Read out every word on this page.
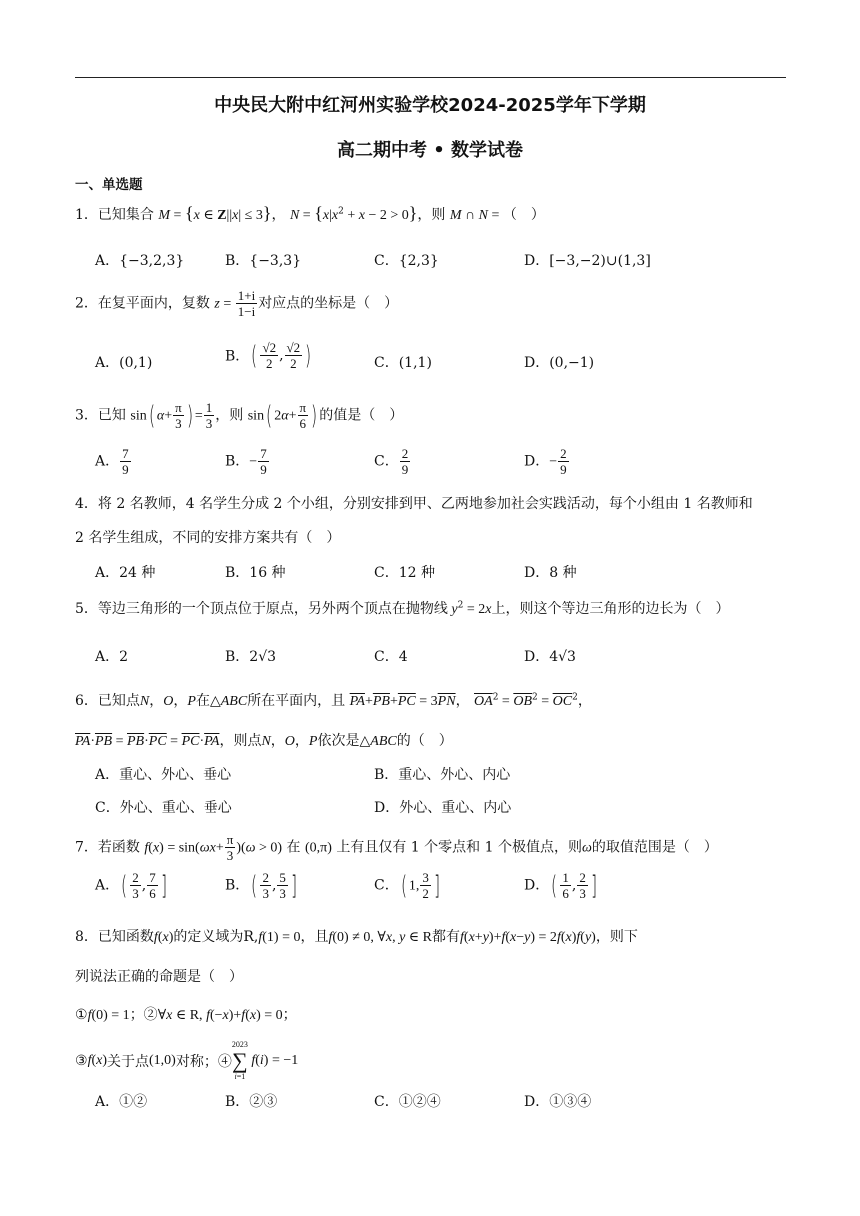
中央民大附中红河州实验学校2024-2025学年下学期
高二期中考 • 数学试卷
一、单选题
1．已知集合 M = {x ∈ Z||x| ≤ 3}， $N = \{x|x^2 + x - 2 > 0\}$，则 M ∩ N = （　）
A．{−3,2,3}	B．{−3,3}	C．{2,3}	D．[−3,−2)∪(1,3]
2．在复平面内，复数 $z = \frac{1+i}{1-i}$ 对应点的坐标是（　）
A．(0,1)	B．( $\frac{√2}{2}$ , $\frac{√2}{2}$ )	C．(1,1)	D．(0,−1)
3．已知 sin( $\alpha+ \frac{\pi}{3}$ ) = $\frac{1}{3}$ ，则 sin( $2\alpha+ \frac{\pi}{6}$ ) 的值是（　）
A． $\frac{7}{9}$	B．− $\frac{7}{9}$	C． $\frac{2}{9}$	D．− $\frac{2}{9}$
4．将 2 名教师，4 名学生分成 2 个小组，分别安排到甲、乙两地参加社会实践活动，每个小组由 1 名教师和
2 名学生组成，不同的安排方案共有（　）
A．24 种	B．16 种	C．12 种	D．8 种
5．等边三角形的一个顶点位于原点，另外两个顶点在抛物线 $y^2 = 2x$上，则这个等边三角形的边长为（　）
A．2	B．2√3	C．4	D．4√3
6．已知点N，O，P在△ABC所在平面内，且 $\overline{PA}+\overline{PB}+\overline{PC} = 3\overline{PN}$， $\overline{OA}^2 = \overline{OB}^2 = \overline{OC}^2$，
$\overline{PA}\cdot\overline{PB} = \overline{PB}\cdot\overline{PC} = \overline{PC}\cdot\overline{PA}$，则点N，O，P依次是△ABC的（　）
A．重心、外心、垂心	B．重心、外心、内心
C．外心、重心、垂心	D．外心、重心、内心
7．若函数 $f(x) = \sin(\omega x+ \frac{\pi}{3} )(\omega > 0)$ 在 (0,π) 上有且仅有 1 个零点和 1 个极值点，则ω的取值范围是（　）
A．( $\frac{2}{3}$ , $\frac{7}{6}$ ]	B．( $\frac{2}{3}$ , $\frac{5}{3}$ ]	C．( 1, $\frac{3}{2}$ ]	D．( $\frac{1}{6}$ , $\frac{2}{3}$ ]
8．已知函数f(x)的定义域为R,f(1) = 0，且f(0) ≠ 0, ∀x, y ∈ R都有f(x+y)+f(x−y) = 2f(x)f(y)，则下
列说法正确的命题是（　）
①f(0) = 1；②∀x ∈ R, f(−x)+f(x) = 0；
③f(x)关于点(1,0)对称；④
2023
∑
i=1
f(i) = −1
A．①②	B．②③	C．①②④	D．①③④
